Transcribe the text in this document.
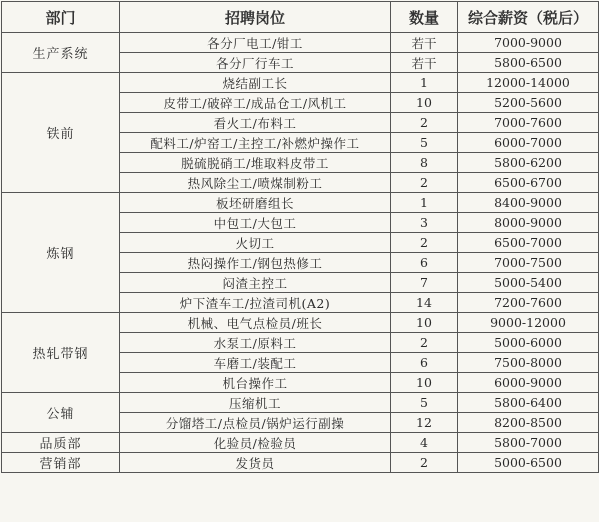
部门	招聘岗位	数量	综合薪资（税后）
生产系统	各分厂电工/钳工	若干	7000-9000
	各分厂行车工	若干	5800-6500
铁前	烧结副工长	1	12000-14000
	皮带工/破碎工/成品仓工/风机工	10	5200-5600
	看火工/布料工	2	7000-7600
	配料工/炉窑工/主控工/补燃炉操作工	5	6000-7000
	脱硫脱硝工/堆取料皮带工	8	5800-6200
	热风除尘工/喷煤制粉工	2	6500-6700
炼钢	板坯研磨组长	1	8400-9000
	中包工/大包工	3	8000-9000
	火切工	2	6500-7000
	热闷操作工/钢包热修工	6	7000-7500
	闷渣主控工	7	5000-5400
	炉下渣车工/拉渣司机(A2)	14	7200-7600
热轧带钢	机械、电气点检员/班长	10	9000-12000
	水泵工/原料工	2	5000-6000
	车磨工/装配工	6	7500-8000
	机台操作工	10	6000-9000
公辅	压缩机工	5	5800-6400
	分馏塔工/点检员/锅炉运行副操	12	8200-8500
品质部	化验员/检验员	4	5800-7000
营销部	发货员	2	5000-6500
